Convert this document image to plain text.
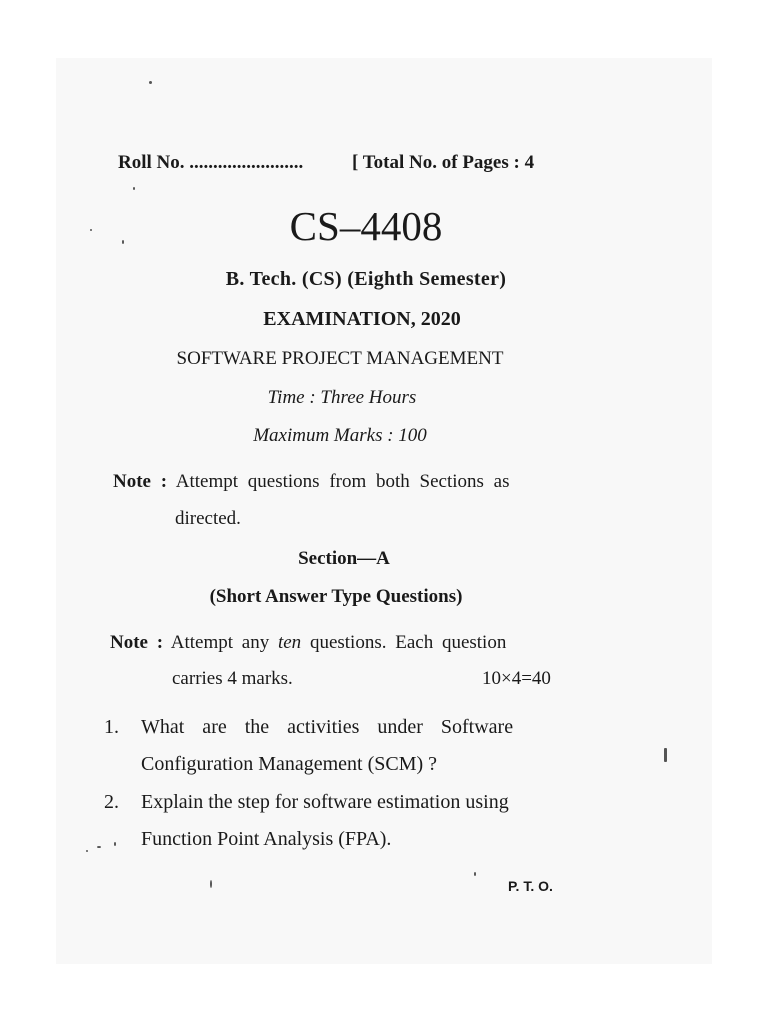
Roll No. ........................	[ Total No. of Pages : 4
CS–4408
B. Tech. (CS) (Eighth Semester)
EXAMINATION, 2020
SOFTWARE PROJECT MANAGEMENT
Time : Three Hours
Maximum Marks : 100
Note : Attempt questions from both Sections as
directed.
Section—A
(Short Answer Type Questions)
Note : Attempt any ten questions. Each question
carries 4 marks.	10×4=40
1. What are the activities under Software
Configuration Management (SCM) ?
2. Explain the step for software estimation using
Function Point Analysis (FPA).
P. T. O.
